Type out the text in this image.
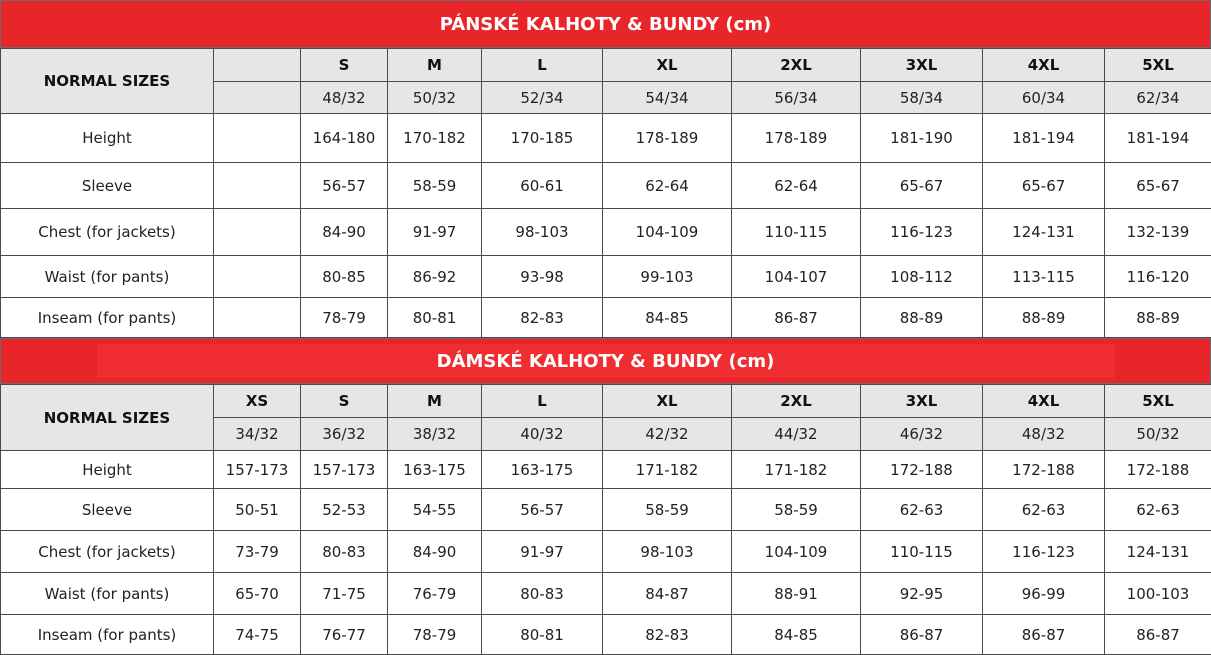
PÁNSKÉ KALHOTY & BUNDY (cm)
NORMAL SIZES		S	M	L	XL	2XL	3XL	4XL	5XL
		48/32	50/32	52/34	54/34	56/34	58/34	60/34	62/34
Height		164-180	170-182	170-185	178-189	178-189	181-190	181-194	181-194
Sleeve		56-57	58-59	60-61	62-64	62-64	65-67	65-67	65-67
Chest (for jackets)		84-90	91-97	98-103	104-109	110-115	116-123	124-131	132-139
Waist (for pants)		80-85	86-92	93-98	99-103	104-107	108-112	113-115	116-120
Inseam (for pants)		78-79	80-81	82-83	84-85	86-87	88-89	88-89	88-89
DÁMSKÉ KALHOTY & BUNDY (cm)
NORMAL SIZES	XS	S	M	L	XL	2XL	3XL	4XL	5XL
	34/32	36/32	38/32	40/32	42/32	44/32	46/32	48/32	50/32
Height	157-173	157-173	163-175	163-175	171-182	171-182	172-188	172-188	172-188
Sleeve	50-51	52-53	54-55	56-57	58-59	58-59	62-63	62-63	62-63
Chest (for jackets)	73-79	80-83	84-90	91-97	98-103	104-109	110-115	116-123	124-131
Waist (for pants)	65-70	71-75	76-79	80-83	84-87	88-91	92-95	96-99	100-103
Inseam (for pants)	74-75	76-77	78-79	80-81	82-83	84-85	86-87	86-87	86-87
